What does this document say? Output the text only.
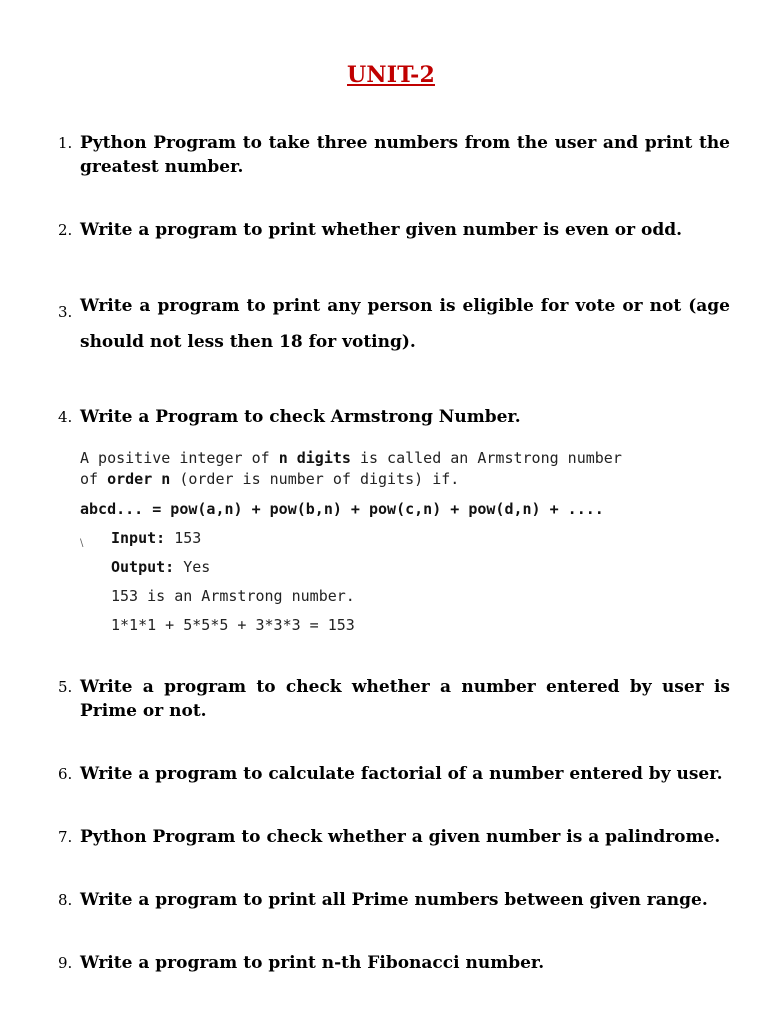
UNIT-2
1. Python Program to take three numbers from the user and print the greatest number.
2. Write a program to print whether given number is even or odd.
3. Write a program to print any person is eligible for vote or not (age should not less then 18 for voting).
4. Write a Program to check Armstrong Number.
A positive integer of n digits is called an Armstrong number
of order n (order is number of digits) if.
abcd... = pow(a,n) + pow(b,n) + pow(c,n) + pow(d,n) + ....
\ Input: 153
Output: Yes
153 is an Armstrong number.
1*1*1 + 5*5*5 + 3*3*3 = 153
5. Write a program to check whether a number entered by user is Prime or not.
6. Write a program to calculate factorial of a number entered by user.
7. Python Program to check whether a given number is a palindrome.
8. Write a program to print all Prime numbers between given range.
9. Write a program to print n-th Fibonacci number.
